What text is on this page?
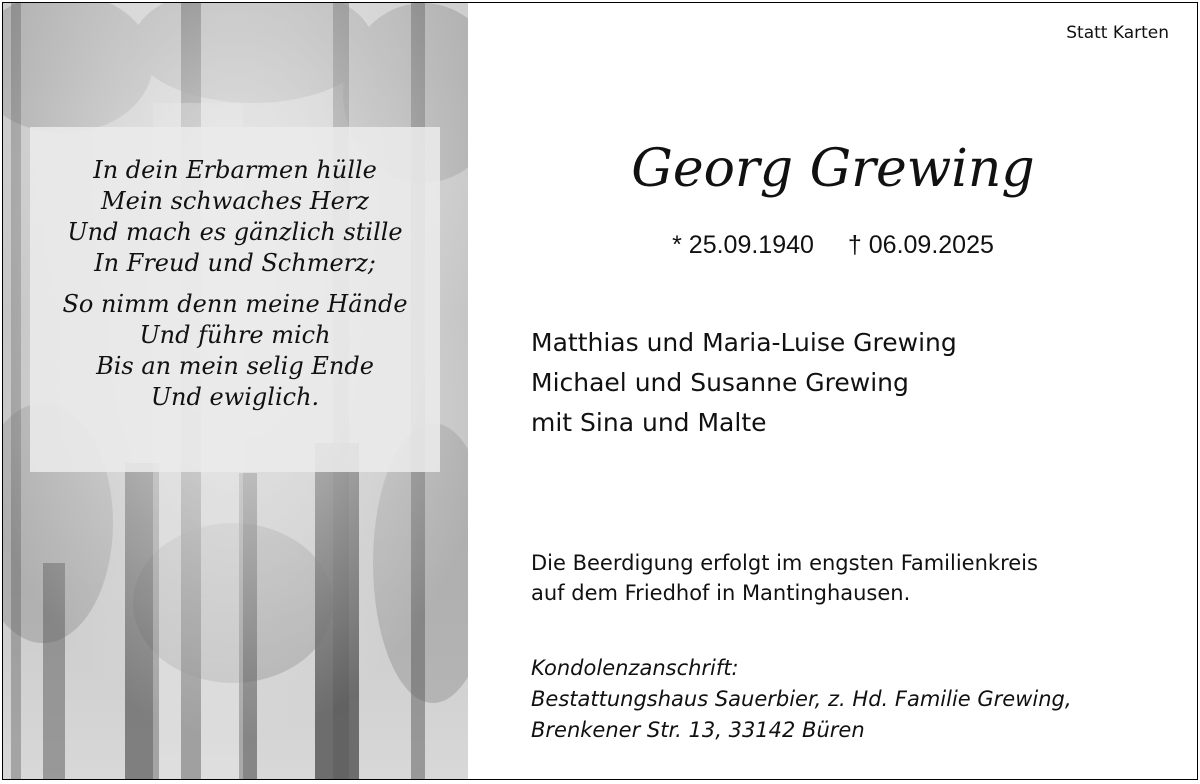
In dein Erbarmen hülle
Mein schwaches Herz
Und mach es gänzlich stille
In Freud und Schmerz;
So nimm denn meine Hände
Und führe mich
Bis an mein selig Ende
Und ewiglich.
Statt Karten
Georg Grewing
* 25.09.1940 † 06.09.2025
Matthias und Maria-Luise Grewing
Michael und Susanne Grewing
mit Sina und Malte
Die Beerdigung erfolgt im engsten Familienkreis
auf dem Friedhof in Mantinghausen.
Kondolenzanschrift:
Bestattungshaus Sauerbier, z. Hd. Familie Grewing,
Brenkener Str. 13, 33142 Büren
